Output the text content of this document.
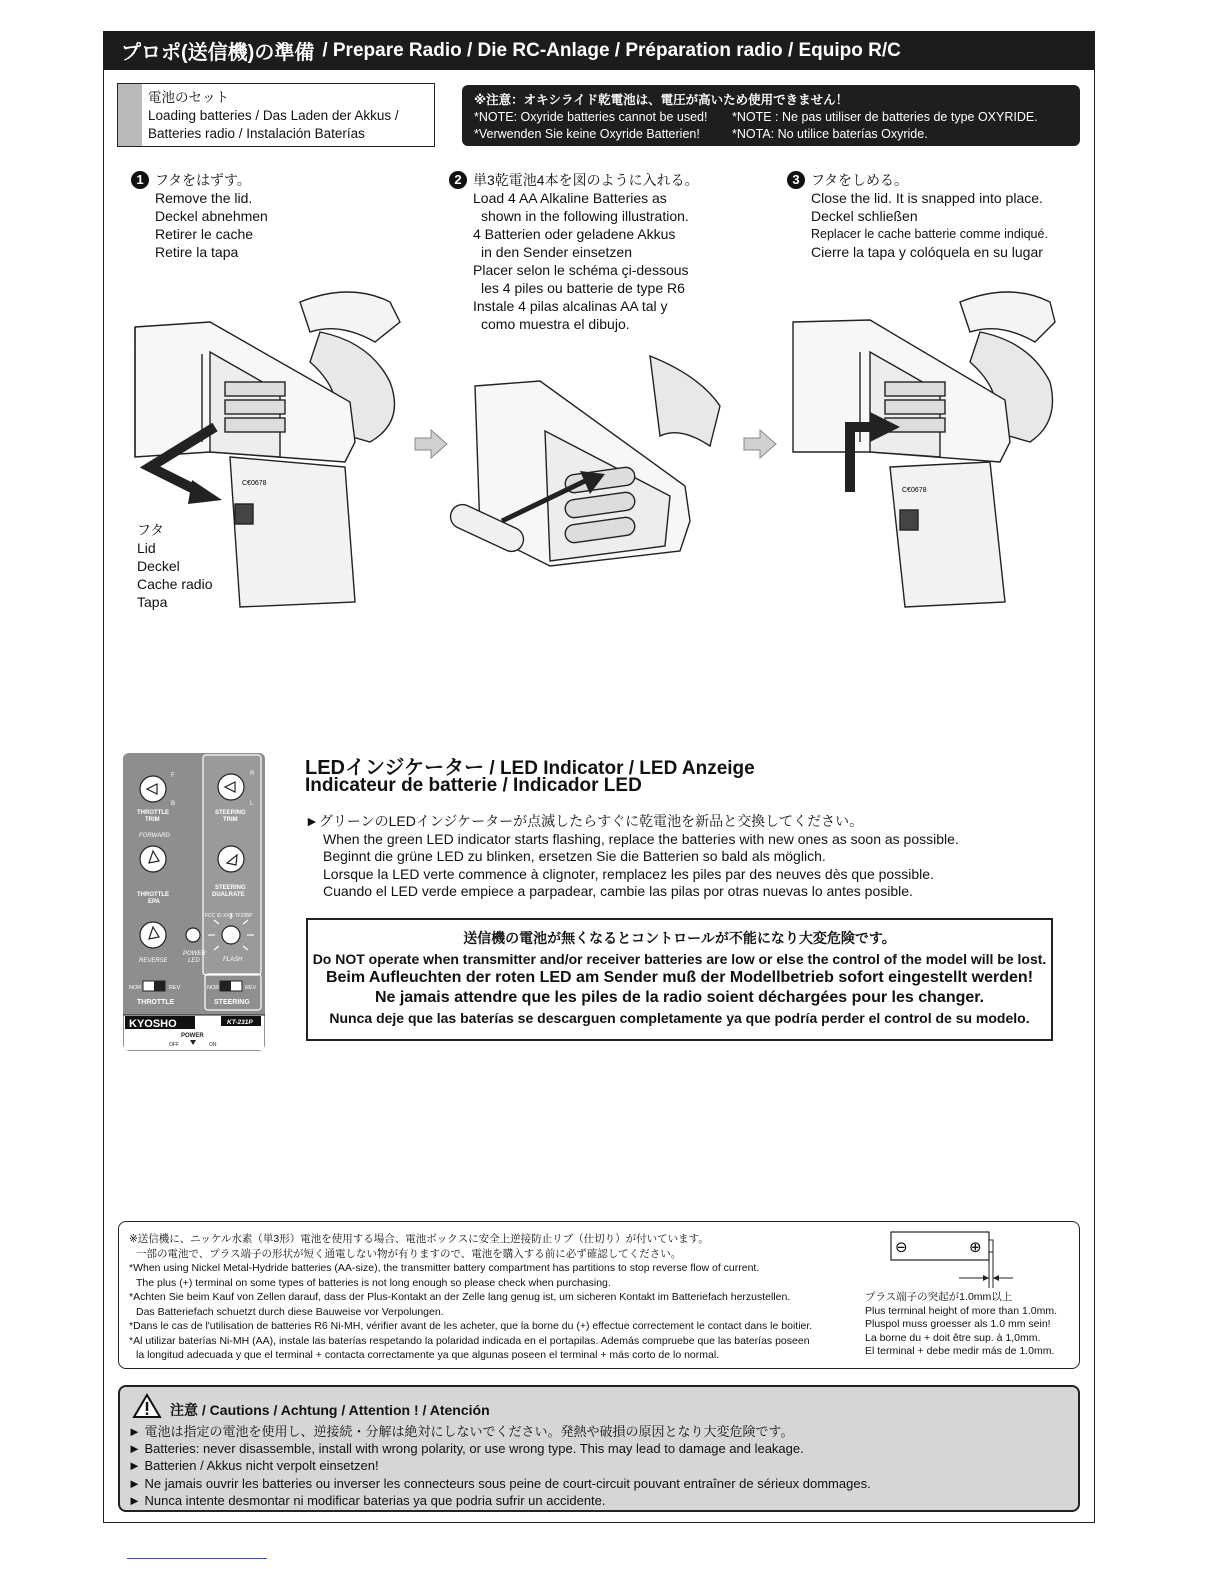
プロポ(送信機)の準備 / Prepare Radio / Die RC-Anlage / Préparation radio / Equipo R/C
電池のセット
Loading batteries / Das Laden der Akkus /
Batteries radio / Instalación Baterías
※注意：オキシライド乾電池は、電圧が高いため使用できません！
*NOTE: Oxyride batteries cannot be used!
*Verwenden Sie keine Oxyride Batterien!
*NOTE : Ne pas utiliser de batteries de type OXYRIDE.
*NOTA: No utilice baterías Oxyride.
1 フタをはずす。
Remove the lid.
Deckel abnehmen
Retirer le cache
Retire la tapa
2 単3乾電池4本を図のように入れる。
Load 4 AA Alkaline Batteries as
shown in the following illustration.
4 Batterien oder geladene Akkus
in den Sender einsetzen
Placer selon le schéma çi-dessous
les 4 piles ou batterie de type R6
Instale 4 pilas alcalinas AA tal y
como muestra el dibujo.
3 フタをしめる。
Close the lid. It is snapped into place.
Deckel schließen
Replacer le cache batterie comme indiqué.
Cierre la tapa y colóquela en su lugar
C€0678
フタ
Lid
Deckel
Cache radio
Tapa
C€0678
F
B
R
L
THROTTLE
TRIM
STEERING
TRIM
FORWARD
THROTTLE
EPA
STEERING
DUALRATE
FCC ID XXX-TF235P
REVERSE
POWER
LED	FLASH
NOR	REV	NOR	REV
THROTTLE	STEERING
KYOSHO	KT-231P
POWER
OFF	ON
LEDインジケーター / LED Indicator / LED Anzeige
Indicateur de batterie / Indicador LED
►グリーンのLEDインジケーターが点滅したらすぐに乾電池を新品と交換してください。
When the green LED indicator starts flashing, replace the batteries with new ones as soon as possible.
Beginnt die grüne LED zu blinken, ersetzen Sie die Batterien so bald als möglich.
Lorsque la LED verte commence à clignoter, remplacez les piles par des neuves dès que possible.
Cuando el LED verde empiece a parpadear, cambie las pilas por otras nuevas lo antes posible.
送信機の電池が無くなるとコントロールが不能になり大変危険です。
Do NOT operate when transmitter and/or receiver batteries are low or else the control of the model will be lost.
Beim Aufleuchten der roten LED am Sender muß der Modellbetrieb sofort eingestellt werden!
Ne jamais attendre que les piles de la radio soient déchargées pour les changer.
Nunca deje que las baterías se descarguen completamente ya que podría perder el control de su modelo.
※送信機に、ニッケル水素（単3形）電池を使用する場合、電池ボックスに安全上逆接防止リブ（仕切り）が付いています。
一部の電池で、プラス端子の形状が短く通電しない物が有りますので、電池を購入する前に必ず確認してください。
*When using Nickel Metal-Hydride batteries (AA-size), the transmitter battery compartment has partitions to stop reverse flow of current.
The plus (+) terminal on some types of batteries is not long enough so please check when purchasing.
*Achten Sie beim Kauf von Zellen darauf, dass der Plus-Kontakt an der Zelle lang genug ist, um sicheren Kontakt im Batteriefach herzustellen.
Das Batteriefach schuetzt durch diese Bauweise vor Verpolungen.
*Dans le cas de l'utilisation de batteries R6 Ni-MH, vérifier avant de les acheter, que la borne du (+) effectue correctement le contact dans le boitier.
*Al utilizar baterías Ni-MH (AA), instale las baterías respetando la polaridad indicada en el portapilas. Además compruebe que las baterías poseen
la longitud adecuada y que el terminal + contacta correctamente ya que algunas poseen el terminal + más corto de lo normal.
⊖	⊕
プラス端子の突起が1.0mm以上
Plus terminal height of more than 1.0mm.
Pluspol muss groesser als 1.0 mm sein!
La borne du + doit être sup. à 1,0mm.
El terminal + debe medir más de 1.0mm.
注意 / Cautions / Achtung / Attention ! / Atención
► 電池は指定の電池を使用し、逆接続・分解は絶対にしないでください。発熱や破損の原因となり大変危険です。
► Batteries: never disassemble, install with wrong polarity, or use wrong type. This may lead to damage and leakage.
► Batterien / Akkus nicht verpolt einsetzen!
► Ne jamais ouvrir les batteries ou inverser les connecteurs sous peine de court-circuit pouvant entraîner de sérieux dommages.
► Nunca intente desmontar ni modificar baterias ya que podria sufrir un accidente.
